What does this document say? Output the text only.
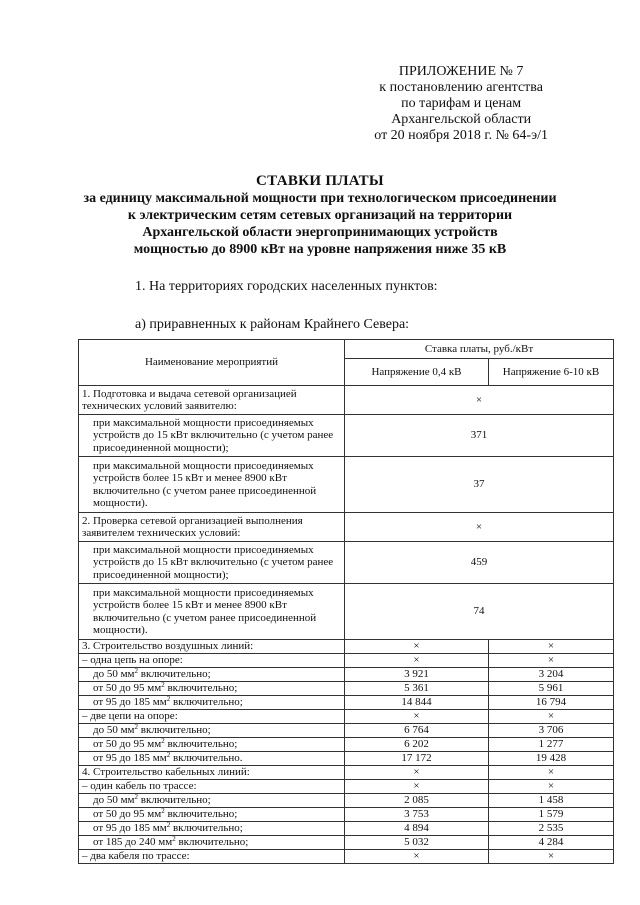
ПРИЛОЖЕНИЕ № 7
к постановлению агентства
по тарифам и ценам
Архангельской области
от 20 ноября 2018 г. № 64-э/1
СТАВКИ ПЛАТЫ
за единицу максимальной мощности при технологическом присоединении
к электрическим сетям сетевых организаций на территории
Архангельской области энергопринимающих устройств
мощностью до 8900 кВт на уровне напряжения ниже 35 кВ
1. На территориях городских населенных пунктов:
а) приравненных к районам Крайнего Севера:
Наименование мероприятий	Ставка платы, руб./кВт	
	Напряжение 0,4 кВ	Напряжение 6-10 кВ
1. Подготовка и выдача сетевой организацией технических условий заявителю:	×	
при максимальной мощности присоединяемых устройств до 15 кВт включительно (с учетом ранее присоединенной мощности);	371	
при максимальной мощности присоединяемых устройств более 15 кВт и менее 8900 кВт включительно (с учетом ранее присоединенной мощности).	37	
2. Проверка сетевой организацией выполнения заявителем технических условий:	×	
при максимальной мощности присоединяемых устройств до 15 кВт включительно (с учетом ранее присоединенной мощности);	459	
при максимальной мощности присоединяемых устройств более 15 кВт и менее 8900 кВт включительно (с учетом ранее присоединенной мощности).	74	
3. Строительство воздушных линий:	×	×
– одна цепь на опоре:	×	×
до 50 $мм^2$ включительно;	3 921	3 204
от 50 до 95 $мм^2$ включительно;	5 361	5 961
от 95 до 185 $мм^2$ включительно;	14 844	16 794
– две цепи на опоре:	×	×
до 50 $мм^2$ включительно;	6 764	3 706
от 50 до 95 $мм^2$ включительно;	6 202	1 277
от 95 до 185 $мм^2$ включительно.	17 172	19 428
4. Строительство кабельных линий:	×	×
– один кабель по трассе:	×	×
до 50 $мм^2$ включительно;	2 085	1 458
от 50 до 95 $мм^2$ включительно;	3 753	1 579
от 95 до 185 $мм^2$ включительно;	4 894	2 535
от 185 до 240 $мм^2$ включительно;	5 032	4 284
– два кабеля по трассе:	×	×
